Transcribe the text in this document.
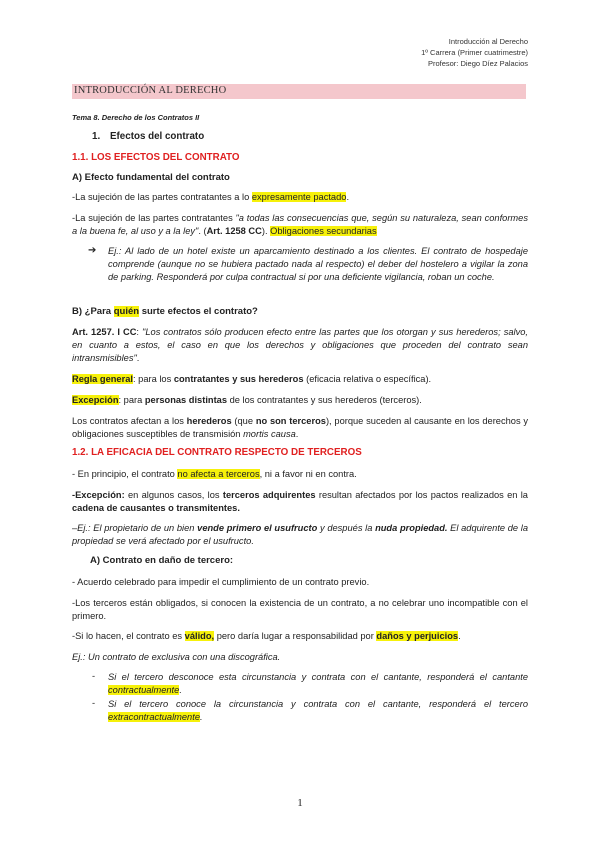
Introducción al Derecho
1º Carrera (Primer cuatrimestre)
Profesor: Diego Díez Palacios
INTRODUCCIÓN AL DERECHO
Tema 8. Derecho de los Contratos II
1. Efectos del contrato
1.1. LOS EFECTOS DEL CONTRATO
A) Efecto fundamental del contrato
-La sujeción de las partes contratantes a lo expresamente pactado.
-La sujeción de las partes contratantes "a todas las consecuencias que, según su naturaleza, sean conformes a la buena fe, al uso y a la ley". (Art. 1258 CC). Obligaciones secundarias
➔ Ej.: Al lado de un hotel existe un aparcamiento destinado a los clientes. El contrato de hospedaje comprende (aunque no se hubiera pactado nada al respecto) el deber del hostelero a vigilar la zona de parking. Responderá por culpa contractual si por una deficiente vigilancia, roban un coche.
B) ¿Para quién surte efectos el contrato?
Art. 1257. I CC: "Los contratos sólo producen efecto entre las partes que los otorgan y sus herederos; salvo, en cuanto a estos, el caso en que los derechos y obligaciones que proceden del contrato sean intransmisibles".
Regla general: para los contratantes y sus herederos (eficacia relativa o específica).
Excepción: para personas distintas de los contratantes y sus herederos (terceros).
Los contratos afectan a los herederos (que no son terceros), porque suceden al causante en los derechos y obligaciones susceptibles de transmisión mortis causa.
1.2. LA EFICACIA DEL CONTRATO RESPECTO DE TERCEROS
- En principio, el contrato no afecta a terceros, ni a favor ni en contra.
-Excepción: en algunos casos, los terceros adquirentes resultan afectados por los pactos realizados en la cadena de causantes o transmitentes.
–Ej.: El propietario de un bien vende primero el usufructo y después la nuda propiedad. El adquirente de la propiedad se verá afectado por el usufructo.
A) Contrato en daño de tercero:
- Acuerdo celebrado para impedir el cumplimiento de un contrato previo.
-Los terceros están obligados, si conocen la existencia de un contrato, a no celebrar uno incompatible con el primero.
-Si lo hacen, el contrato es válido, pero daría lugar a responsabilidad por daños y perjuicios.
Ej.: Un contrato de exclusiva con una discográfica.
- Si el tercero desconoce esta circunstancia y contrata con el cantante, responderá el cantante contractualmente.
- Si el tercero conoce la circunstancia y contrata con el cantante, responderá el tercero extracontractualmente.
1
